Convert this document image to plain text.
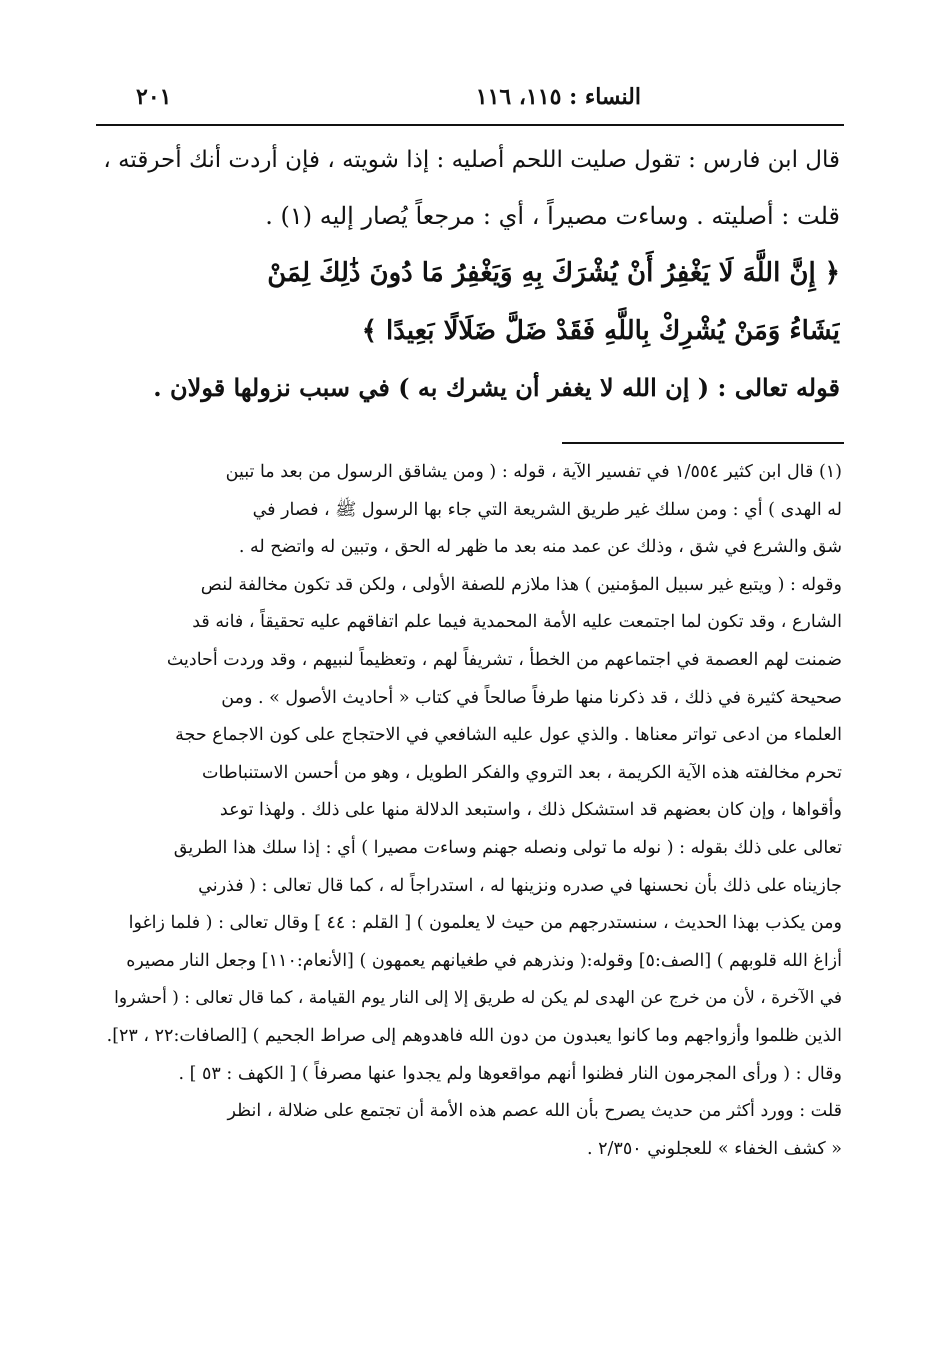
النساء : ١١٥، ١١٦
٢٠١
قال ابن فارس : تقول صليت اللحم أصليه : إذا شويته ، فإن أردت أنك أحرقته ،
قلت : أصليته . وساءت مصيراً ، أي : مرجعاً يُصار إليه (١) .
﴿ إِنَّ اللَّهَ لَا يَغْفِرُ أَنْ يُشْرَكَ بِهِ وَيَغْفِرُ مَا دُونَ ذَٰلِكَ لِمَنْ
يَشَاءُ وَمَنْ يُشْرِكْ بِاللَّهِ فَقَدْ ضَلَّ ضَلَالًا بَعِيدًا ﴾
قوله تعالى : ( إن الله لا يغفر أن يشرك به ) في سبب نزولها قولان .
(١) قال ابن كثير ١/٥٥٤ في تفسير الآية ، قوله : ( ومن يشاقق الرسول من بعد ما تبين
له الهدى ) أي : ومن سلك غير طريق الشريعة التي جاء بها الرسول ﷺ ، فصار في
شق والشرع في شق ، وذلك عن عمد منه بعد ما ظهر له الحق ، وتبين له واتضح له .
وقوله : ( ويتبع غير سبيل المؤمنين ) هذا ملازم للصفة الأولى ، ولكن قد تكون مخالفة لنص
الشارع ، وقد تكون لما اجتمعت عليه الأمة المحمدية فيما علم اتفاقهم عليه تحقيقاً ، فانه قد
ضمنت لهم العصمة في اجتماعهم من الخطأ ، تشريفاً لهم ، وتعظيماً لنبيهم ، وقد وردت أحاديث
صحيحة كثيرة في ذلك ، قد ذكرنا منها طرفاً صالحاً في كتاب « أحاديث الأصول » . ومن
العلماء من ادعى تواتر معناها . والذي عول عليه الشافعي في الاحتجاج على كون الاجماع حجة
تحرم مخالفته هذه الآية الكريمة ، بعد التروي والفكر الطويل ، وهو من أحسن الاستنباطات
وأقواها ، وإن كان بعضهم قد استشكل ذلك ، واستبعد الدلالة منها على ذلك . ولهذا توعد
تعالى على ذلك بقوله : ( نوله ما تولى ونصله جهنم وساءت مصيرا ) أي : إذا سلك هذا الطريق
جازيناه على ذلك بأن نحسنها في صدره ونزينها له ، استدراجاً له ، كما قال تعالى : ( فذرني
ومن يكذب بهذا الحديث ، سنستدرجهم من حيث لا يعلمون ) [ القلم : ٤٤ ] وقال تعالى : ( فلما زاغوا
أزاغ الله قلوبهم ) [الصف:٥] وقوله:( ونذرهم في طغيانهم يعمهون ) [الأنعام:١١٠] وجعل النار مصيره
في الآخرة ، لأن من خرج عن الهدى لم يكن له طريق إلا إلى النار يوم القيامة ، كما قال تعالى : ( أحشروا
الذين ظلموا وأزواجهم وما كانوا يعبدون من دون الله فاهدوهم إلى صراط الجحيم ) [الصافات:٢٢ ، ٢٣].
وقال : ( ورأى المجرمون النار فظنوا أنهم مواقعوها ولم يجدوا عنها مصرفاً ) [ الكهف : ٥٣ ] .
قلت : وورد أكثر من حديث يصرح بأن الله عصم هذه الأمة أن تجتمع على ضلالة ، انظر
« كشف الخفاء » للعجلوني ٢/٣٥٠ .
